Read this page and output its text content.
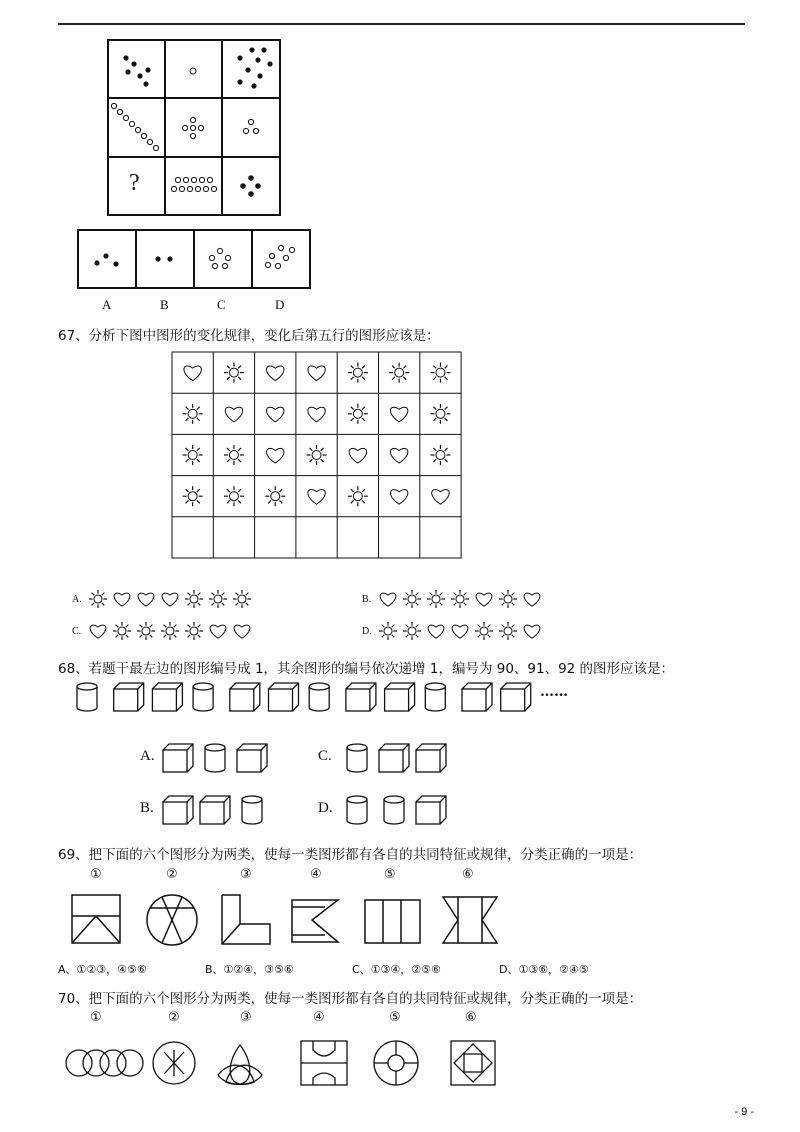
?
A	B	C	D
67、分析下图中图形的变化规律，变化后第五行的图形应该是：
A.	B.
C.	D.
68、若题干最左边的图形编号成 1，其余图形的编号依次递增 1，编号为 90、91、92 的图形应该是：
……
A.	C.
B.	D.
69、把下面的六个图形分为两类，使每一类图形都有各自的共同特征或规律，分类正确的一项是：
①	②	③	④	⑤	⑥
A、①②③，④⑤⑥	B、①②④，③⑤⑥	C、①③④，②⑤⑥	D、①③⑥，②④⑤
70、把下面的六个图形分为两类，使每一类图形都有各自的共同特征或规律，分类正确的一项是：
①	②	③	④	⑤	⑥
- 9 -
